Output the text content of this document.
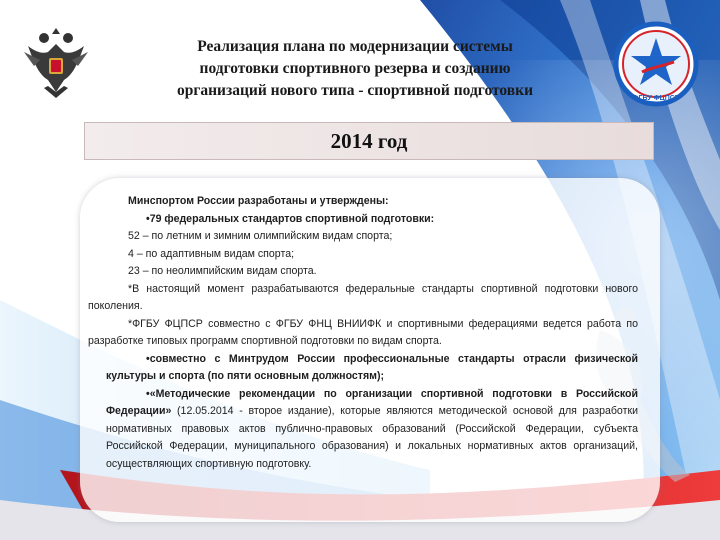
ФГБУ ФЦПСР
Реализация плана по модернизации системы
подготовки спортивного резерва и созданию
организаций нового типа - спортивной подготовки
2014 год

Минспортом России разработаны и утверждены:

•79 федеральных стандартов спортивной подготовки:

52 – по летним и зимним олимпийским видам спорта;

4 – по адаптивным видам спорта;

23 – по неолимпийским видам спорта.

*В настоящий момент разрабатываются федеральные стандарты спортивной подготовки нового поколения.

*ФГБУ ФЦПСР совместно с ФГБУ ФНЦ ВНИИФК и спортивными федерациями ведется работа по разработке типовых программ спортивной подготовки по видам спорта.

•совместно с Минтрудом России профессиональные стандарты отрасли физической культуры и спорта (по пяти основным должностям);

•«Методические рекомендации по организации спортивной подготовки в Российской Федерации» (12.05.2014 - второе издание), которые являются методической основой для разработки нормативных правовых актов публично-правовых образований (Российской Федерации, субъекта Российской Федерации, муниципального образования) и локальных нормативных актов организаций, осуществляющих спортивную подготовку.
